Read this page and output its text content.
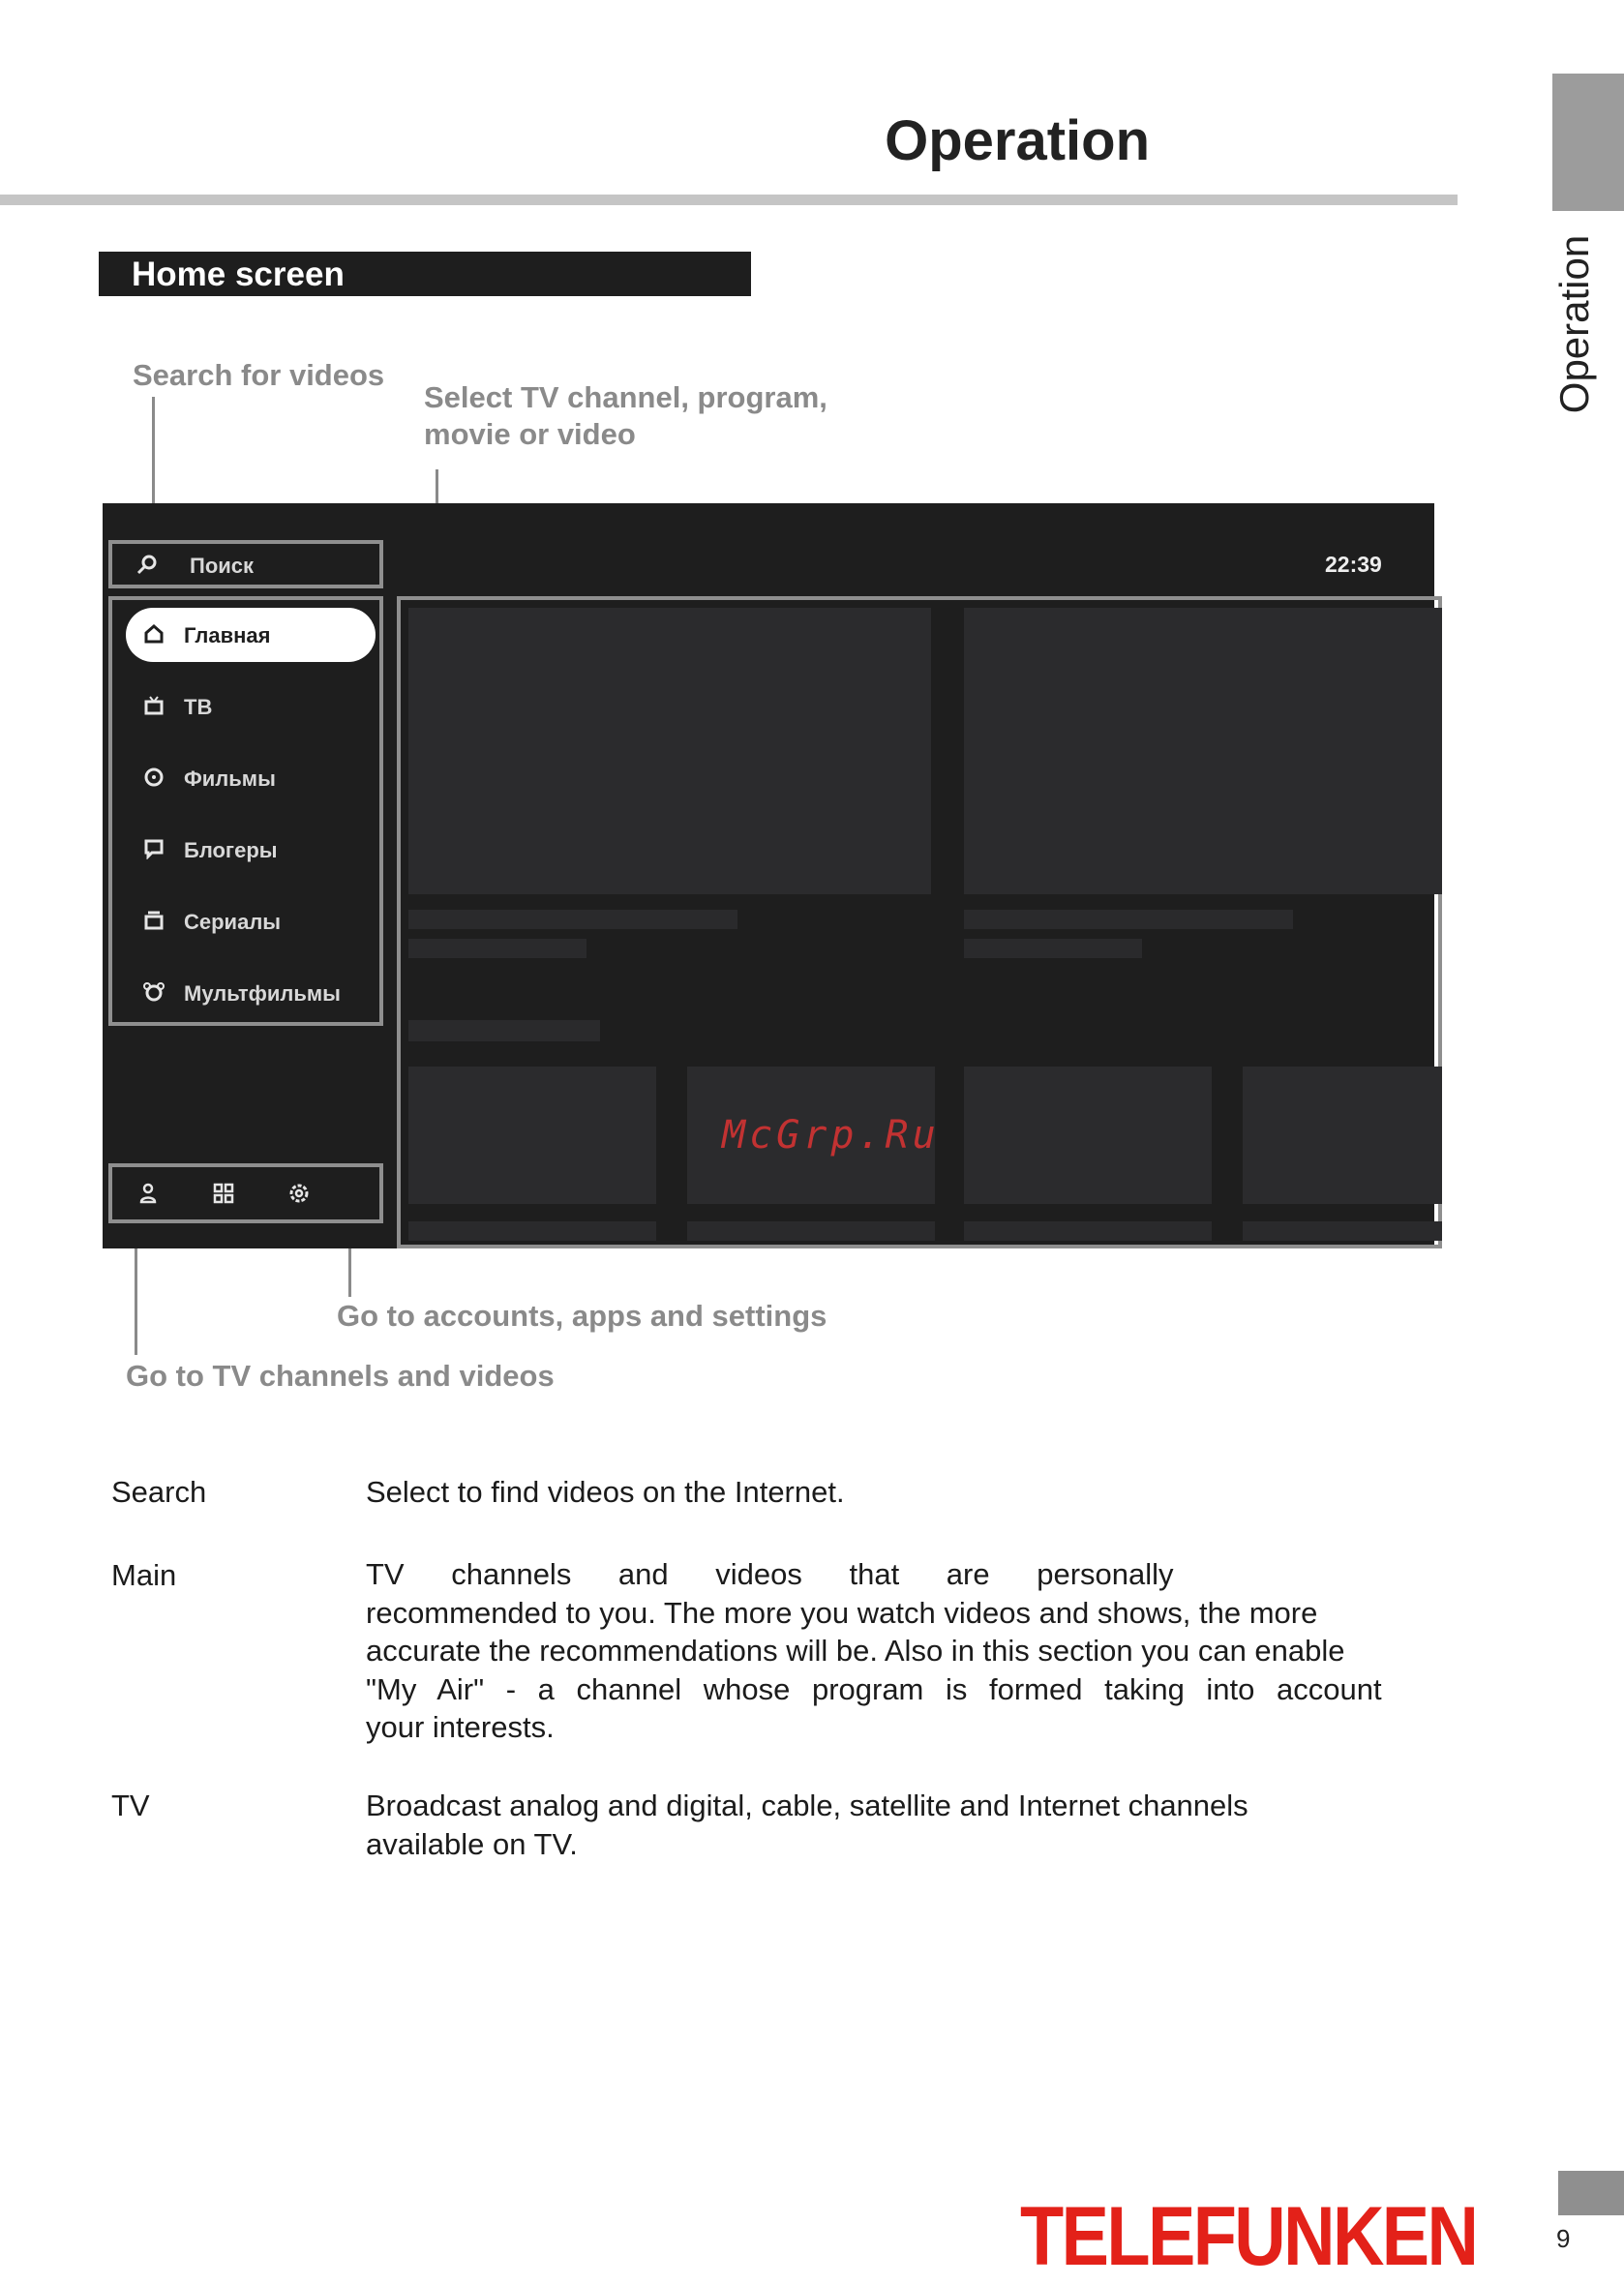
Operation
Operation
Home screen
Search for videos
Select TV channel, program,
movie or video
Go to accounts, apps and settings
Go to TV channels and videos
22:39
Поиск
Главная
ТВ
Фильмы
Блогеры
Сериалы
Мультфильмы
McGrp.Ru
Search	Select to find videos on the Internet.
Main	TV channels and videos that are personally
recommended to you. The more you watch videos and shows, the more
accurate the recommendations will be. Also in this section you can enable
"My Air" - a channel whose program is formed taking into account
your interests.
TV	Broadcast analog and digital, cable, satellite and Internet channels
available on TV.
TELEFUNKEN	9
